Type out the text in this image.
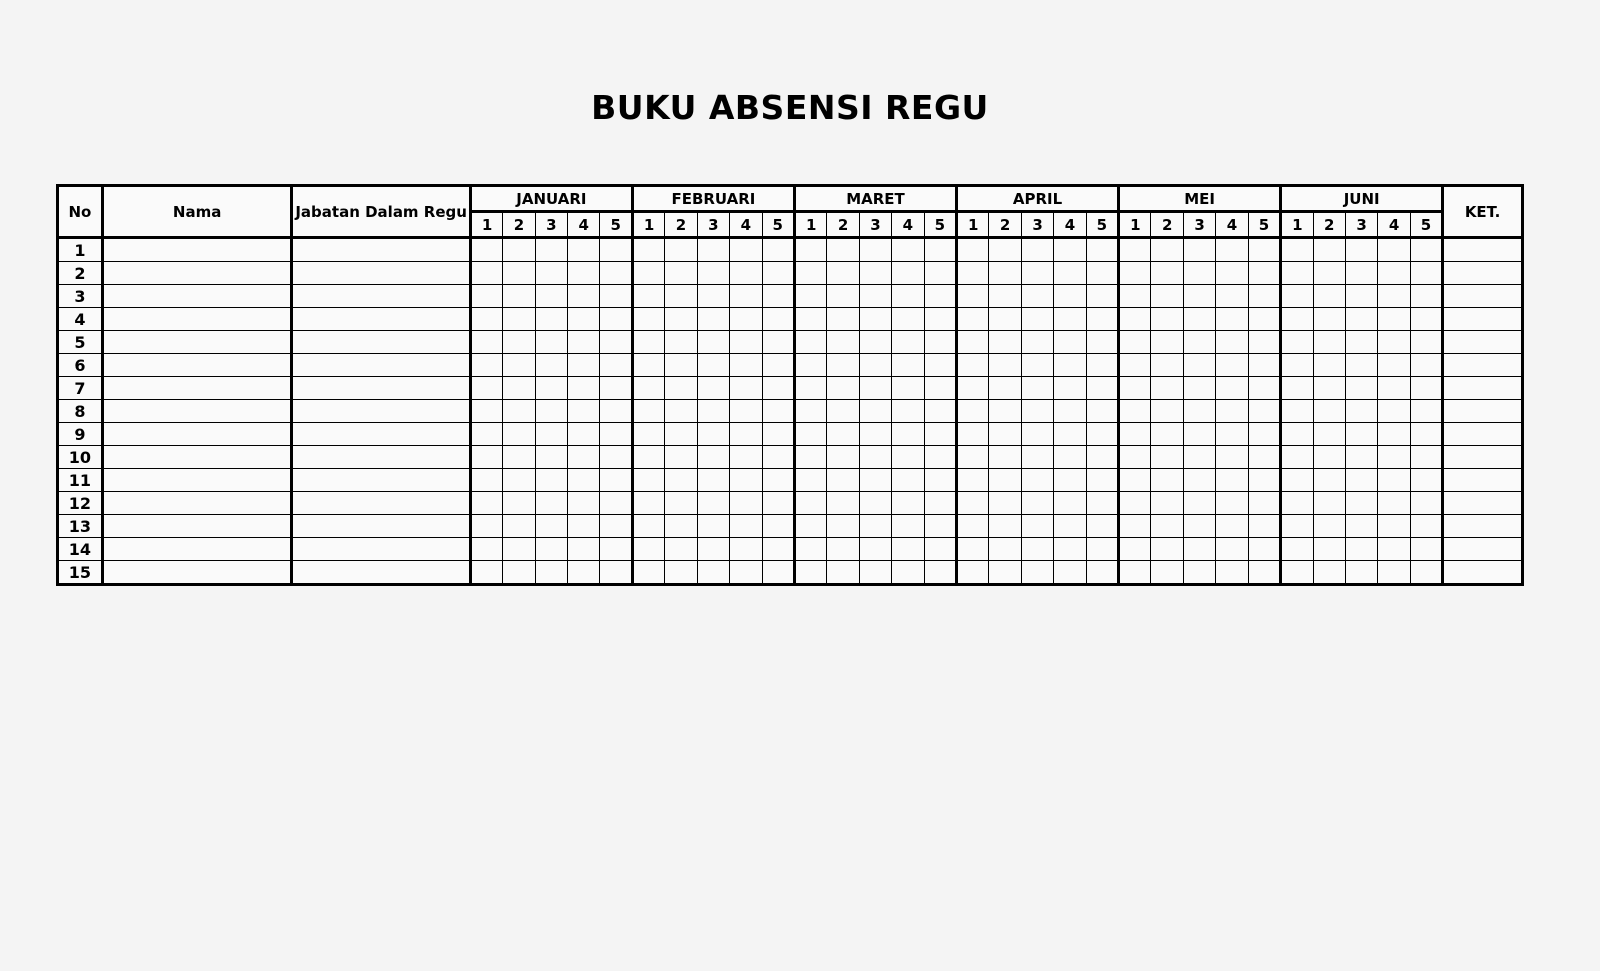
BUKU ABSENSI REGU
No	Nama	Jabatan Dalam Regu	JANUARI					FEBRUARI					MARET					APRIL					MEI					JUNI					KET.
			1	2	3	4	5	1	2	3	4	5	1	2	3	4	5	1	2	3	4	5	1	2	3	4	5	1	2	3	4	5	
1																																	
2																																	
3																																	
4																																	
5																																	
6																																	
7																																	
8																																	
9																																	
10																																	
11																																	
12																																	
13																																	
14																																	
15																																	
